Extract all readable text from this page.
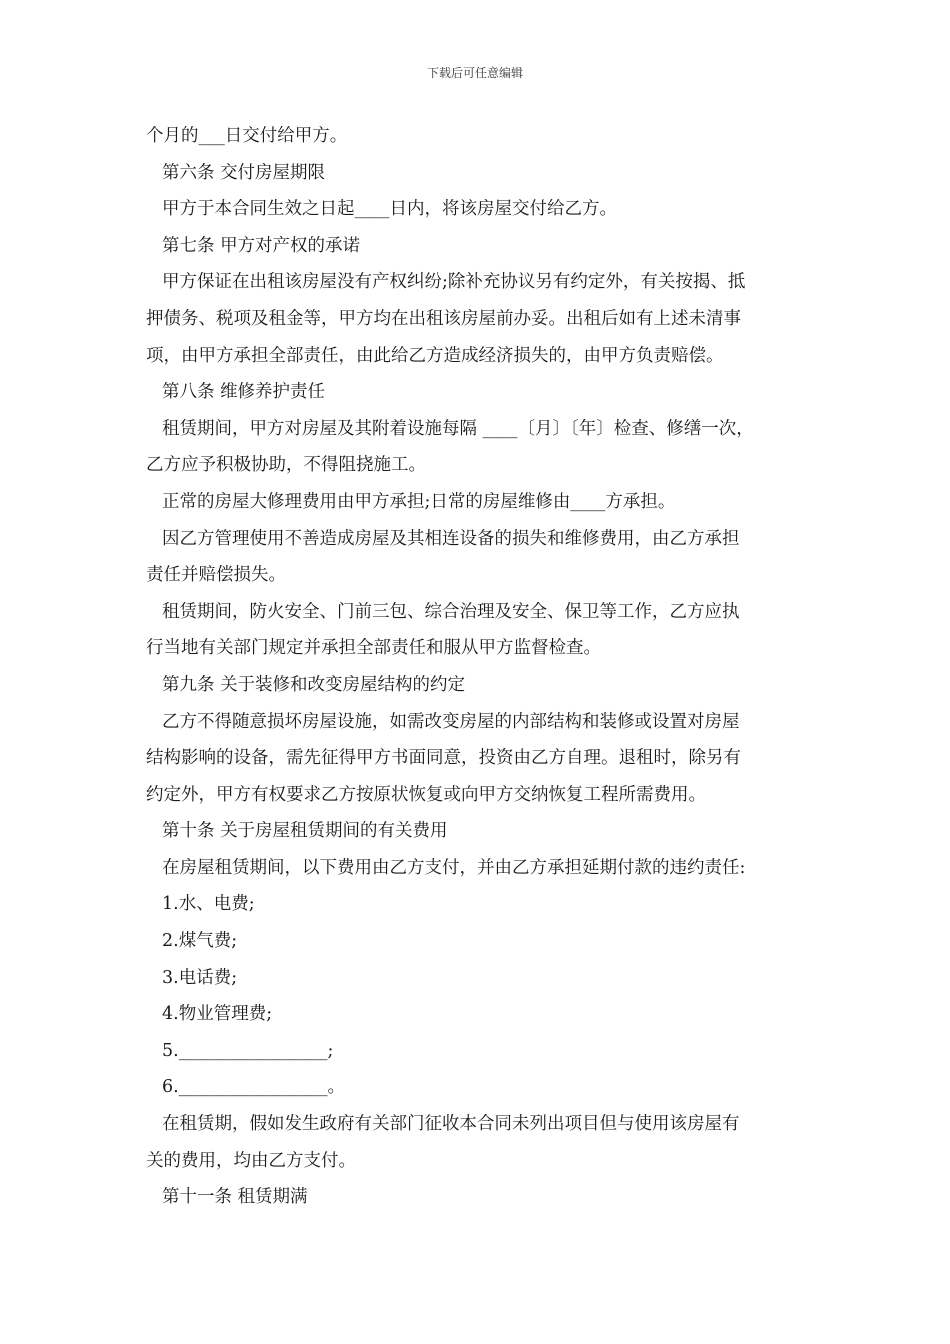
下载后可任意编辑
个月的___日交付给甲方。
第六条 交付房屋期限
甲方于本合同生效之日起____日内，将该房屋交付给乙方。
第七条 甲方对产权的承诺
甲方保证在出租该房屋没有产权纠纷;除补充协议另有约定外，有关按揭、抵
押债务、税项及租金等，甲方均在出租该房屋前办妥。出租后如有上述未清事
项，由甲方承担全部责任，由此给乙方造成经济损失的，由甲方负责赔偿。
第八条 维修养护责任
租赁期间，甲方对房屋及其附着设施每隔 ____〔月〕〔年〕检查、修缮一次，
乙方应予积极协助，不得阻挠施工。
正常的房屋大修理费用由甲方承担;日常的房屋维修由____方承担。
因乙方管理使用不善造成房屋及其相连设备的损失和维修费用，由乙方承担
责任并赔偿损失。
租赁期间，防火安全、门前三包、综合治理及安全、保卫等工作，乙方应执
行当地有关部门规定并承担全部责任和服从甲方监督检查。
第九条 关于装修和改变房屋结构的约定
乙方不得随意损坏房屋设施，如需改变房屋的内部结构和装修或设置对房屋
结构影响的设备，需先征得甲方书面同意，投资由乙方自理。退租时，除另有
约定外，甲方有权要求乙方按原状恢复或向甲方交纳恢复工程所需费用。
第十条 关于房屋租赁期间的有关费用
在房屋租赁期间，以下费用由乙方支付，并由乙方承担延期付款的违约责任:
1.水、电费;
2.煤气费;
3.电话费;
4.物业管理费;
5._________________;
6._________________。
在租赁期，假如发生政府有关部门征收本合同未列出项目但与使用该房屋有
关的费用，均由乙方支付。
第十一条 租赁期满
